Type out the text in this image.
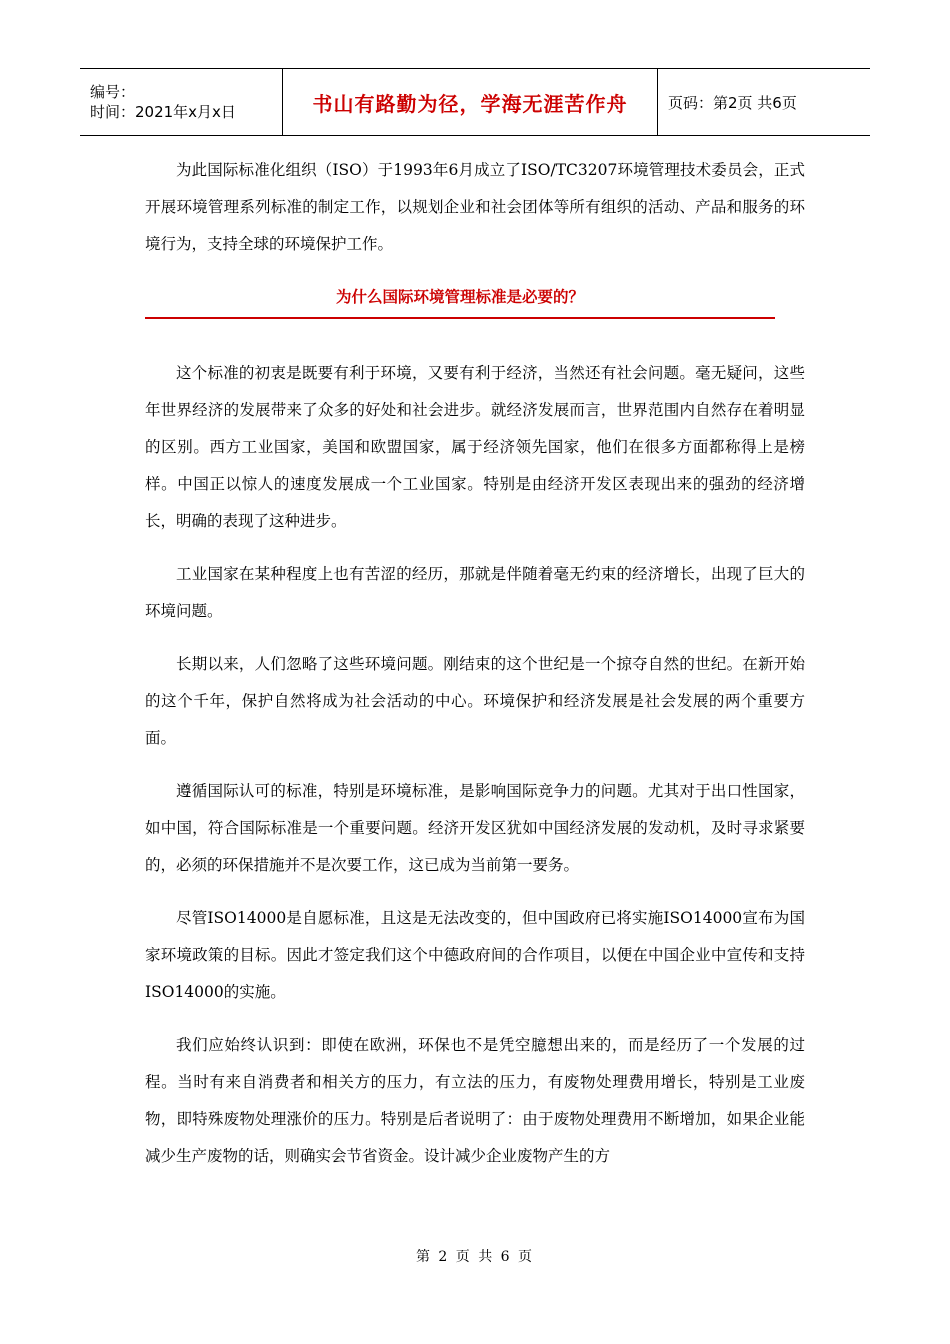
编号：
时间：2021年x月x日	书山有路勤为径，学海无涯苦作舟	页码：第2页 共6页

为此国际标准化组织（ISO）于1993年6月成立了ISO/TC3207环境管理技术委员会，正式开展环境管理系列标准的制定工作，以规划企业和社会团体等所有组织的活动、产品和服务的环境行为，支持全球的环境保护工作。

为什么国际环境管理标准是必要的？

这个标准的初衷是既要有利于环境，又要有利于经济，当然还有社会问题。毫无疑问，这些年世界经济的发展带来了众多的好处和社会进步。就经济发展而言，世界范围内自然存在着明显的区别。西方工业国家，美国和欧盟国家，属于经济领先国家，他们在很多方面都称得上是榜样。中国正以惊人的速度发展成一个工业国家。特别是由经济开发区表现出来的强劲的经济增长，明确的表现了这种进步。

工业国家在某种程度上也有苦涩的经历，那就是伴随着毫无约束的经济增长，出现了巨大的环境问题。

长期以来，人们忽略了这些环境问题。刚结束的这个世纪是一个掠夺自然的世纪。在新开始的这个千年，保护自然将成为社会活动的中心。环境保护和经济发展是社会发展的两个重要方面。

遵循国际认可的标准，特别是环境标准，是影响国际竞争力的问题。尤其对于出口性国家，如中国，符合国际标准是一个重要问题。经济开发区犹如中国经济发展的发动机，及时寻求紧要的，必须的环保措施并不是次要工作，这已成为当前第一要务。

尽管ISO14000是自愿标准，且这是无法改变的，但中国政府已将实施ISO14000宣布为国家环境政策的目标。因此才签定我们这个中德政府间的合作项目，以便在中国企业中宣传和支持ISO14000的实施。

我们应始终认识到：即使在欧洲，环保也不是凭空臆想出来的，而是经历了一个发展的过程。当时有来自消费者和相关方的压力，有立法的压力，有废物处理费用增长，特别是工业废物，即特殊废物处理涨价的压力。特别是后者说明了：由于废物处理费用不断增加，如果企业能减少生产废物的话，则确实会节省资金。设计减少企业废物产生的方

第 2 页 共 6 页
